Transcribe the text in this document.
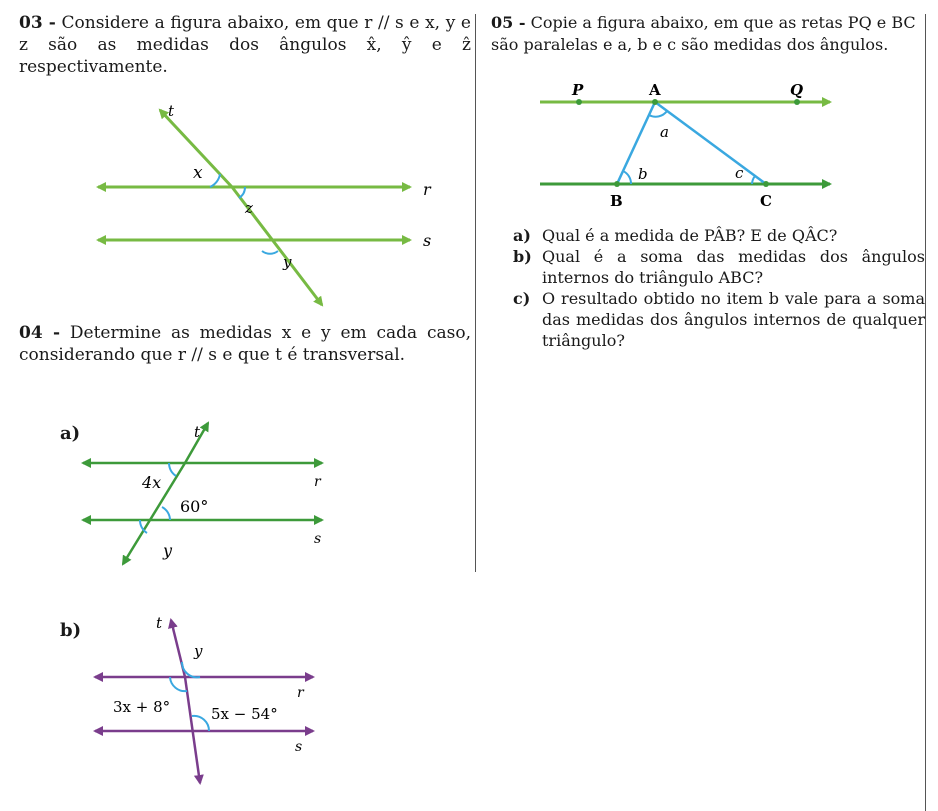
03 - Considere a figura abaixo, em que r // s e x, y e z são as medidas dos ângulos x̂, ŷ e ẑ respectivamente.

04 - Determine as medidas x e y em cada caso, considerando que r // s e que t é transversal.

a)
b)

05 - Copie a figura abaixo, em que as retas PQ e BC são paralelas e a, b e c são medidas dos ângulos.

a) Qual é a medida de PÂB? E de QÂC?

b) Qual é a soma das medidas dos ângulos internos do triângulo ABC?

c) O resultado obtido no item b vale para a soma das medidas dos ângulos internos de qualquer triângulo?

t
x
r
z
s
y
P	A	Q
a
b	c
B	C
t
4x	r
60°
s
y
t
y
r
3x + 8°	5x − 54°
s
